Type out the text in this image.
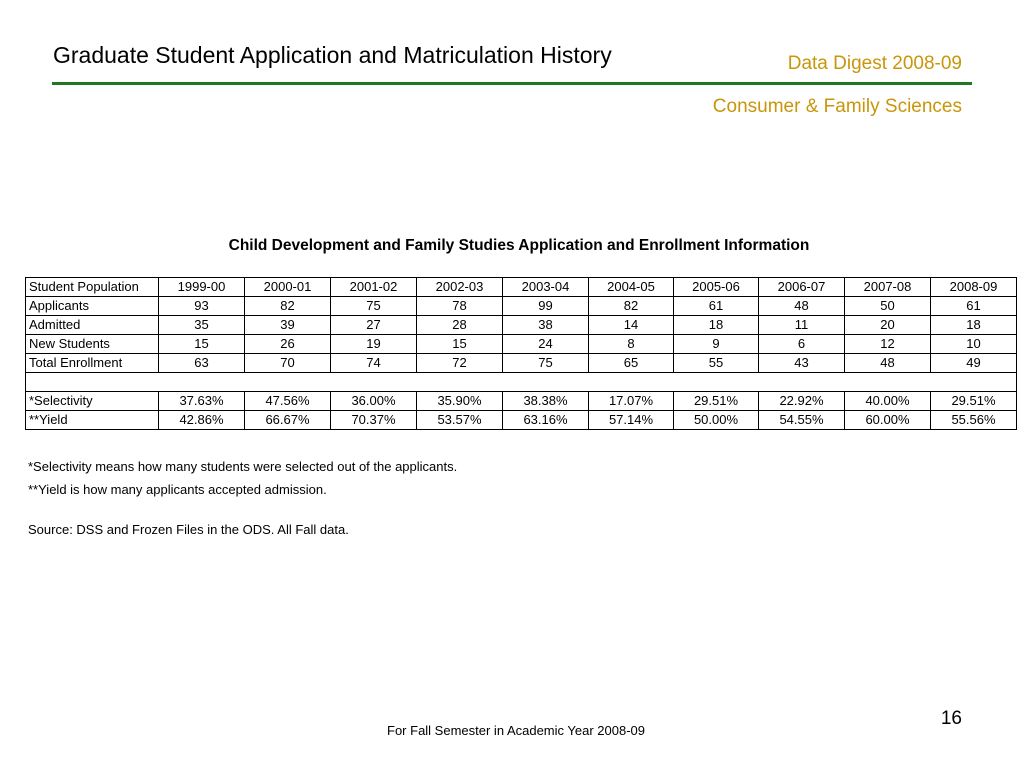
Graduate Student Application and Matriculation History	Data Digest 2008-09
Consumer & Family Sciences
Child Development and Family Studies Application and Enrollment Information
Student Population	1999-00	2000-01	2001-02	2002-03	2003-04	2004-05	2005-06	2006-07	2007-08	2008-09
Applicants	93	82	75	78	99	82	61	48	50	61
Admitted	35	39	27	28	38	14	18	11	20	18
New Students	15	26	19	15	24	8	9	6	12	10
Total Enrollment	63	70	74	72	75	65	55	43	48	49

*Selectivity	37.63%	47.56%	36.00%	35.90%	38.38%	17.07%	29.51%	22.92%	40.00%	29.51%
**Yield	42.86%	66.67%	70.37%	53.57%	63.16%	57.14%	50.00%	54.55%	60.00%	55.56%
*Selectivity means how many students were selected out of the applicants.
**Yield is how many applicants accepted admission.
Source: DSS and Frozen Files in the ODS. All Fall data.
16
For Fall Semester in Academic Year 2008-09
